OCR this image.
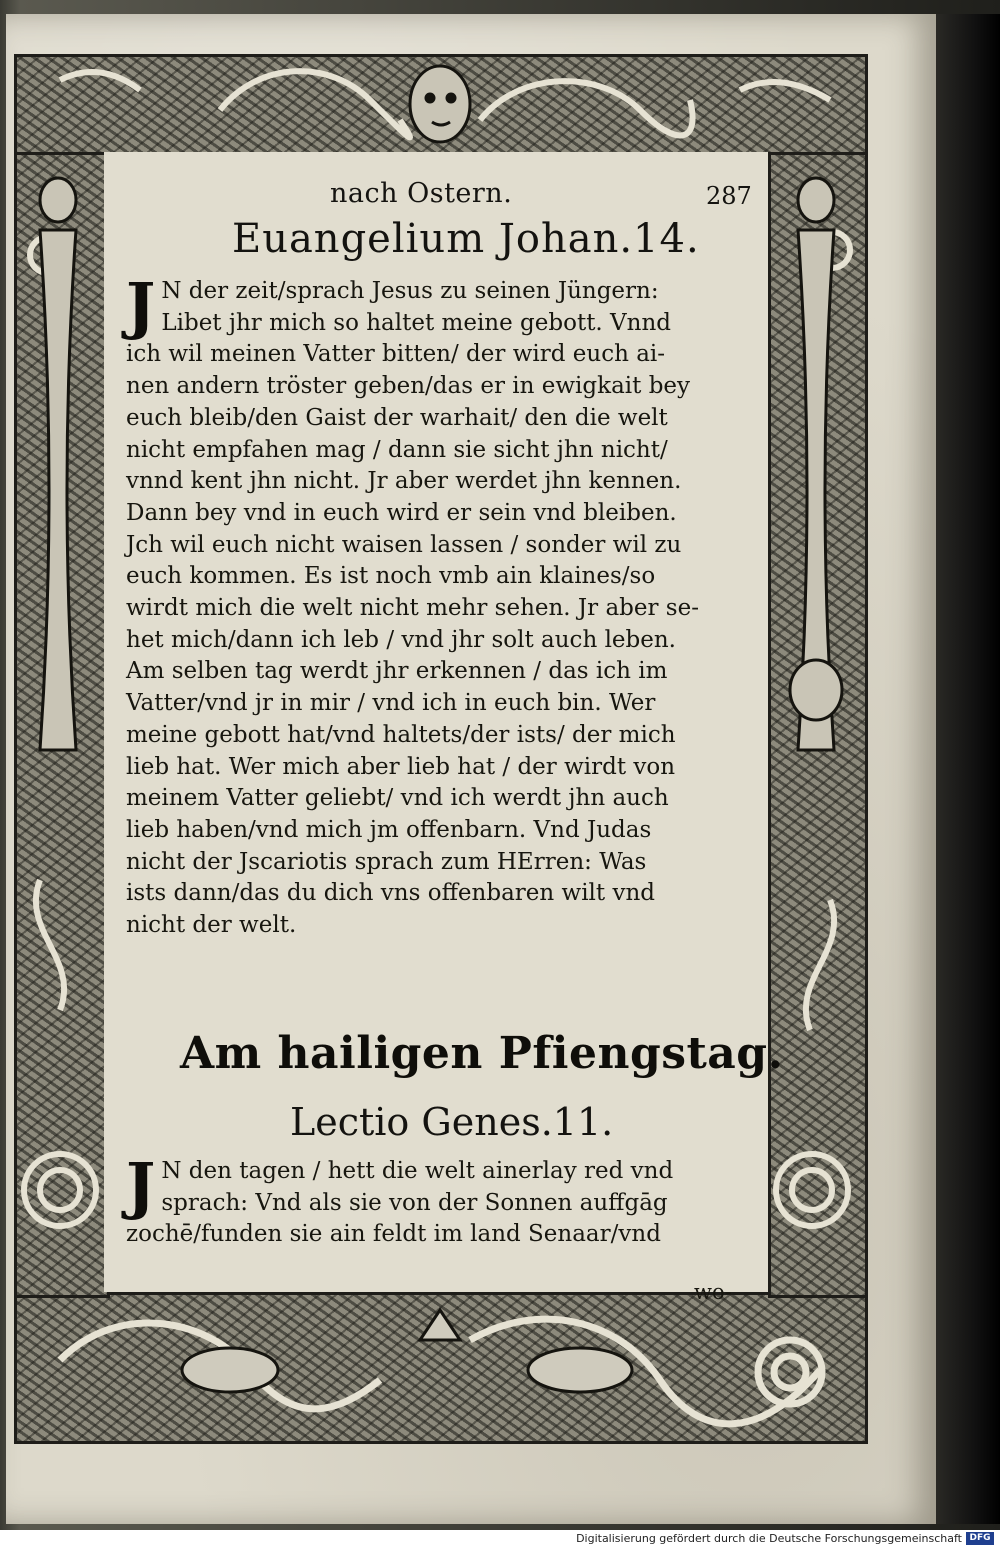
nach Ostern.	287
Euangelium Johan.14.
J N der zeit/sprach Jesus zu seinen Jüngern:
Libet jhr mich so haltet meine gebott. Vnnd
ich wil meinen Vatter bitten/ der wird euch ai-
nen andern tröster geben/das er in ewigkait bey
euch bleib/den Gaist der warhait/ den die welt
nicht empfahen mag / dann sie sicht jhn nicht/
vnnd kent jhn nicht. Jr aber werdet jhn kennen.
Dann bey vnd in euch wird er sein vnd bleiben.
Jch wil euch nicht waisen lassen / sonder wil zu
euch kommen. Es ist noch vmb ain klaines/so
wirdt mich die welt nicht mehr sehen. Jr aber se-
het mich/dann ich leb / vnd jhr solt auch leben.
Am selben tag werdt jhr erkennen / das ich im
Vatter/vnd jr in mir / vnd ich in euch bin. Wer
meine gebott hat/vnd haltets/der ists/ der mich
lieb hat. Wer mich aber lieb hat / der wirdt von
meinem Vatter geliebt/ vnd ich werdt jhn auch
lieb haben/vnd mich jm offenbarn. Vnd Judas
nicht der Jscariotis sprach zum HErren: Was
ists dann/das du dich vns offenbaren wilt vnd
nicht der welt.
Am hailigen Pfiengstag.
Lectio Genes.11.
J N den tagen / hett die welt ainerlay red vnd
sprach: Vnd als sie von der Sonnen auffgāg
zochē/funden sie ain feldt im land Senaar/vnd
wo-
Digitalisierung gefördert durch die Deutsche Forschungsgemeinschaft DFG
